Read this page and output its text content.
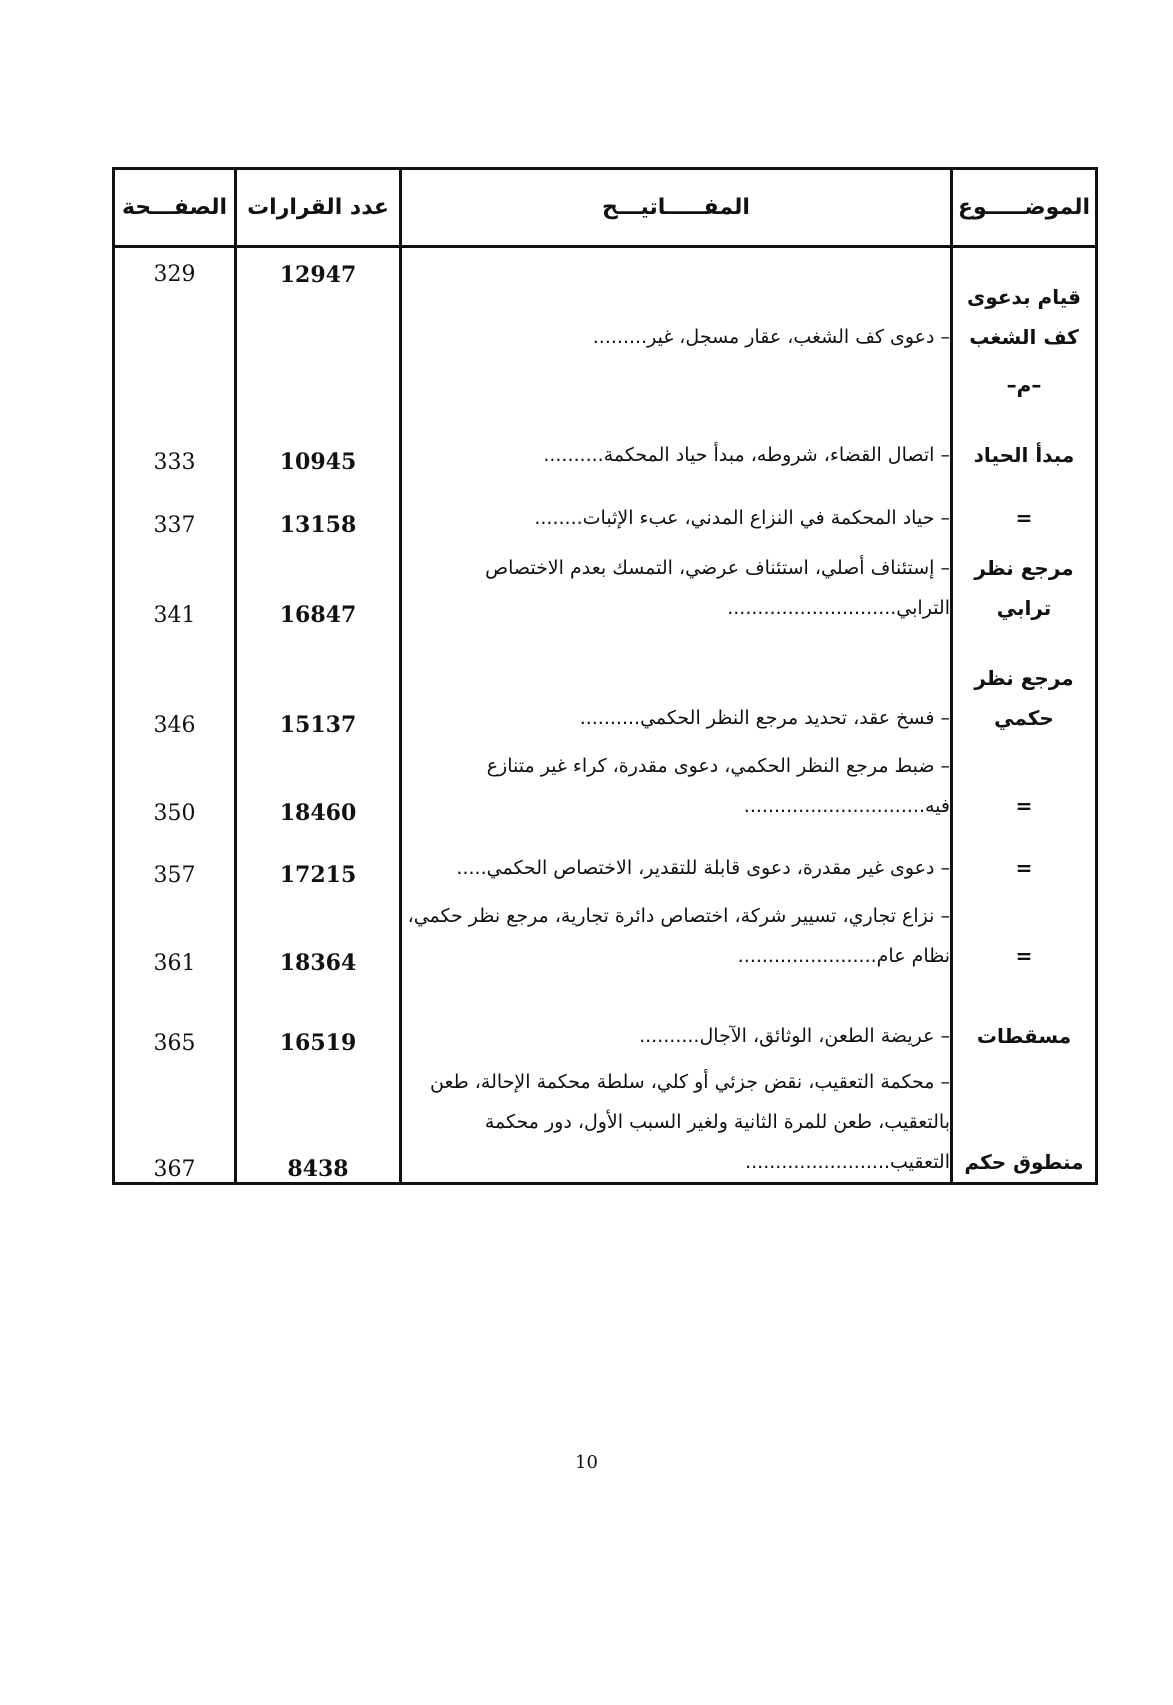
الموضـــــوع	المفـــــاتيـــح	عدد القرارات	الصفـــحة
قيام بدعوى كف الشغب	– دعوى كف الشغب، عقار مسجل، غير.........	12947	329
–م–			
مبدأ الحياد	– اتصال القضاء، شروطه، مبدأ حياد المحكمة..........	10945	333
=	– حياد المحكمة في النزاع المدني، عبء الإثبات........	13158	337
مرجع نظر ترابي	– إستئناف أصلي، استئناف عرضي، التمسك بعدم الاختصاص الترابي............................	16847	341
مرجع نظر حكمي	– فسخ عقد، تحديد مرجع النظر الحكمي..........	15137	346
=	– ضبط مرجع النظر الحكمي، دعوى مقدرة، كراء غير متنازع فيه..............................	18460	350
=	– دعوى غير مقدرة، دعوى قابلة للتقدير، الاختصاص الحكمي.....	17215	357
=	– نزاع تجاري، تسيير شركة، اختصاص دائرة تجارية، مرجع نظر حكمي، نظام عام.......................	18364	361
مسقطات	– عريضة الطعن، الوثائق، الآجال..........	16519	365
منطوق حكم	– محكمة التعقيب، نقض جزئي أو كلي، سلطة محكمة الإحالة، طعن بالتعقيب، طعن للمرة الثانية ولغير السبب الأول، دور محكمة التعقيب........................	8438	367
10
